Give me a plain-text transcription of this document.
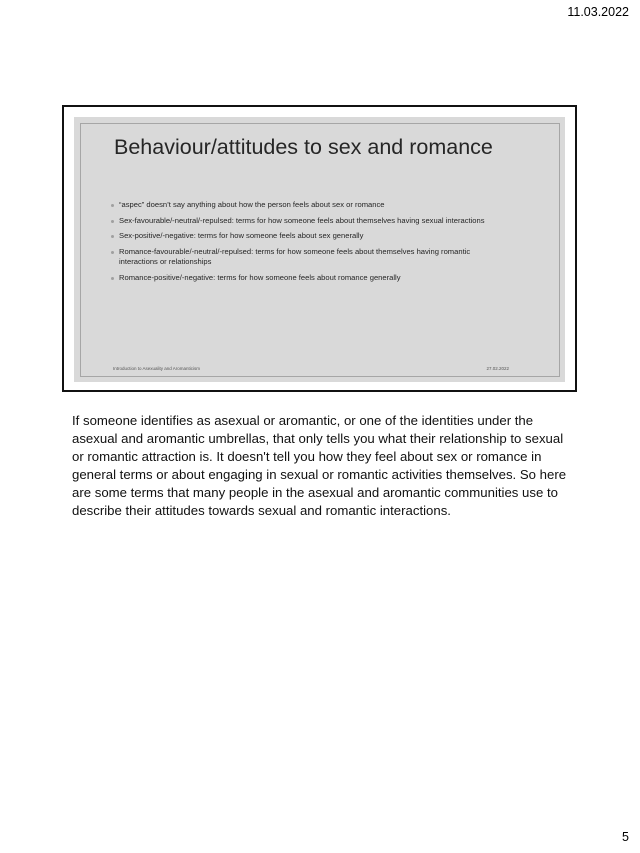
11.03.2022
Behaviour/attitudes to sex and romance
“aspec” doesn’t say anything about how the person feels about sex or romance
Sex-favourable/-neutral/-repulsed: terms for how someone feels about themselves having sexual interactions
Sex-positive/-negative: terms for how someone feels about sex generally
Romance-favourable/-neutral/-repulsed: terms for how someone feels about themselves having romantic interactions or relationships
Romance-positive/-negative: terms for how someone feels about romance generally
Introduction to Asexuality and Aromanticism	27.02.2022
If someone identifies as asexual or aromantic, or one of the identities under the
asexual and aromantic umbrellas, that only tells you what their relationship to sexual
or romantic attraction is. It doesn't tell you how they feel about sex or romance in
general terms or about engaging in sexual or romantic activities themselves. So here
are some terms that many people in the asexual and aromantic communities use to
describe their attitudes towards sexual and romantic interactions.
5
